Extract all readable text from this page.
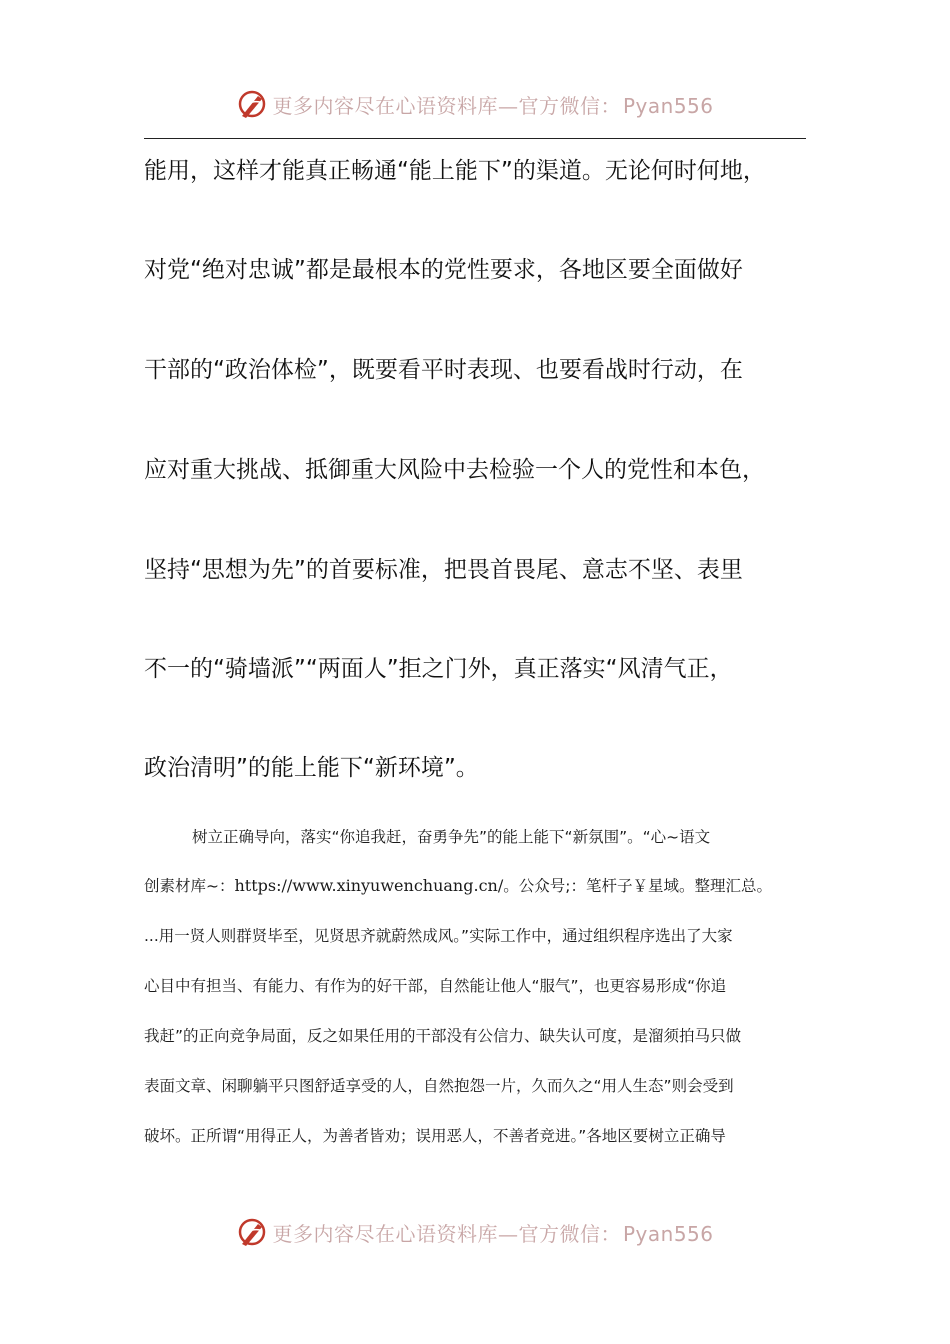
更多内容尽在心语资料库—官方微信： Pyan556
能用，这样才能真正畅通“能上能下”的渠道。无论何时何地，
对党“绝对忠诚”都是最根本的党性要求，各地区要全面做好
干部的“政治体检”，既要看平时表现、也要看战时行动，在
应对重大挑战、抵御重大风险中去检验一个人的党性和本色，
坚持“思想为先”的首要标准，把畏首畏尾、意志不坚、表里
不一的“骑墙派”“两面人”拒之门外，真正落实“风清气正，
政治清明”的能上能下“新环境”。
树立正确导向，落实“你追我赶，奋勇争先”的能上能下“新氛围”。“心~语文
创素材库~：https://www.xinyuwenchuang.cn/。公众号;：笔杆子￥星域。整理汇总。
...用一贤人则群贤毕至，见贤思齐就蔚然成风。”实际工作中，通过组织程序选出了大家
心目中有担当、有能力、有作为的好干部，自然能让他人“服气”，也更容易形成“你追
我赶”的正向竞争局面，反之如果任用的干部没有公信力、缺失认可度，是溜须拍马只做
表面文章、闲聊躺平只图舒适享受的人，自然抱怨一片，久而久之“用人生态”则会受到
破坏。正所谓“用得正人，为善者皆劝；误用恶人，不善者竞进。”各地区要树立正确导
更多内容尽在心语资料库—官方微信： Pyan556
